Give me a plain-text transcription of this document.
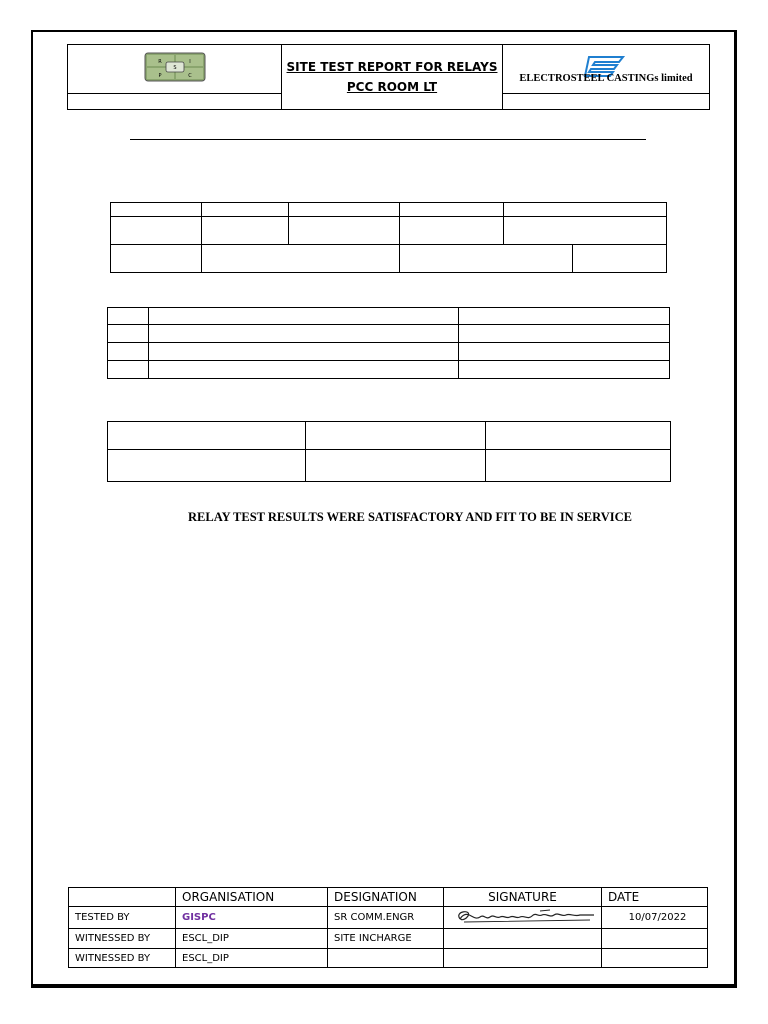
R I
S
P C	SITE TEST REPORT FOR RELAYS
PCC ROOM LT	ELECTROSTEEL CASTINGs limited

RELAY TEST RESULTS WERE SATISFACTORY AND FIT TO BE IN SERVICE
	ORGANISATION	DESIGNATION	SIGNATURE	DATE
TESTED BY	GISPC	SR COMM.ENGR		10/07/2022
WITNESSED BY	ESCL_DIP	SITE INCHARGE		
WITNESSED BY	ESCL_DIP			
